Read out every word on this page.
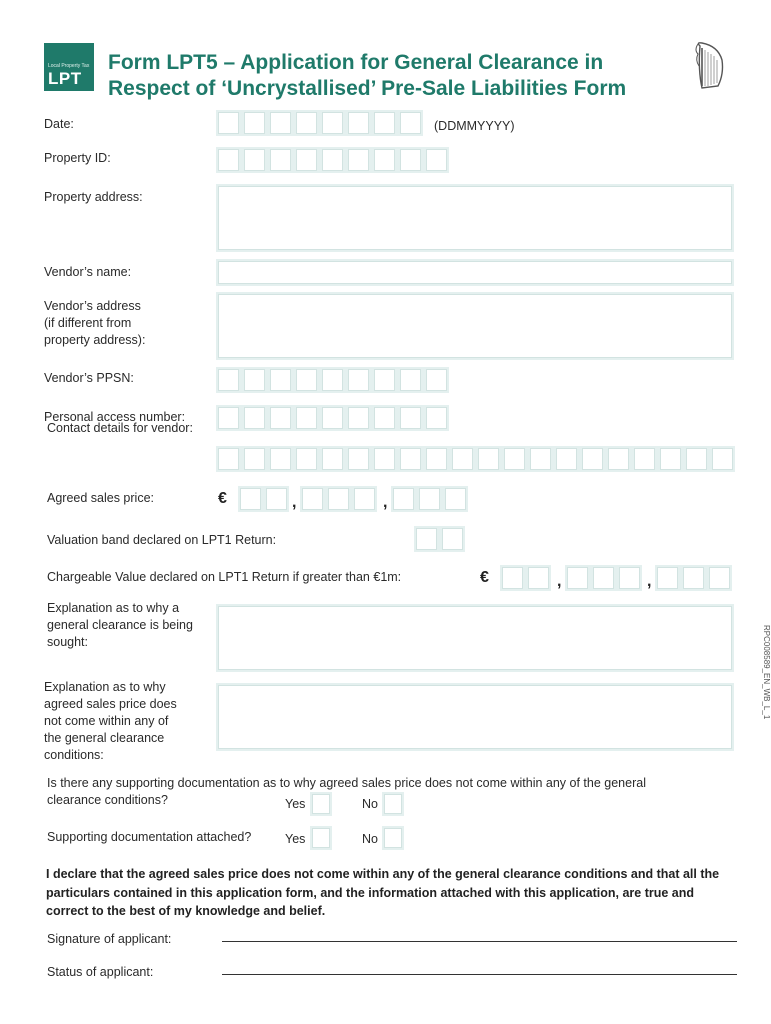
Local Property Tax
LPT
Form LPT5 – Application for General Clearance in
Respect of ‘Uncrystallised’ Pre-Sale Liabilities Form
Date:	(DDMMYYYY)
Property ID:
Property address:
Vendor’s name:
Vendor’s address
(if different from
property address):
Vendor’s PPSN:
Personal access number:
Contact details for vendor:
Agreed sales price:	€	,	,
Valuation band declared on LPT1 Return:
Chargeable Value declared on LPT1 Return if greater than €1m:	€	,	,
Explanation as to why a
general clearance is being
sought:
Explanation as to why
agreed sales price does
not come within any of
the general clearance
conditions:
Is there any supporting documentation as to why agreed sales price does not come within any of the general
clearance conditions?	Yes	No
Supporting documentation attached?	Yes	No
I declare that the agreed sales price does not come within any of the general clearance conditions and that all the particulars contained in this application form, and the information attached with this application, are true and correct to the best of my knowledge and belief.
Signature of applicant:
Status of applicant:
RPC008589_EN_WB_L_1
